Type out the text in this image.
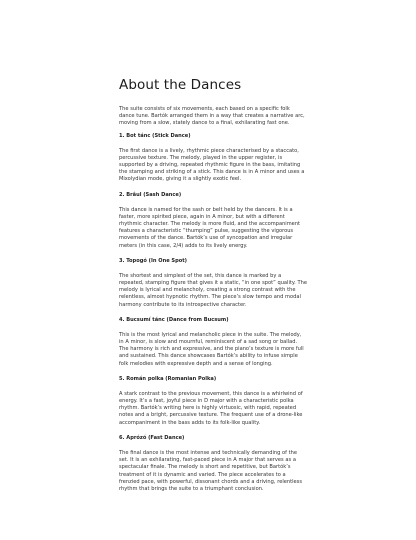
About the Dances

The suite consists of six movements, each based on a specific folk dance tune. Bartók arranged them in a way that creates a narrative arc, moving from a slow, stately dance to a final, exhilarating fast one.

1. Bot tánc (Stick Dance)

The first dance is a lively, rhythmic piece characterised by a staccato, percussive texture. The melody, played in the upper register, is supported by a driving, repeated rhythmic figure in the bass, imitating the stamping and striking of a stick. This dance is in A minor and uses a Mixolydian mode, giving it a slightly exotic feel.

2. Brâul (Sash Dance)

This dance is named for the sash or belt held by the dancers. It is a faster, more spirited piece, again in A minor, but with a different rhythmic character. The melody is more fluid, and the accompaniment features a characteristic “thumping” pulse, suggesting the vigorous movements of the dance. Bartók’s use of syncopation and irregular meters (in this case, 2/4) adds to its lively energy.

3. Topogó (In One Spot)

The shortest and simplest of the set, this dance is marked by a repeated, stamping figure that gives it a static, “in one spot” quality. The melody is lyrical and melancholy, creating a strong contrast with the relentless, almost hypnotic rhythm. The piece’s slow tempo and modal harmony contribute to its introspective character.

4. Bucsumí tánc (Dance from Bucsum)

This is the most lyrical and melancholic piece in the suite. The melody, in A minor, is slow and mournful, reminiscent of a sad song or ballad. The harmony is rich and expressive, and the piano’s texture is more full and sustained. This dance showcases Bartók’s ability to infuse simple folk melodies with expressive depth and a sense of longing.

5. Román polka (Romanian Polka)

A stark contrast to the previous movement, this dance is a whirlwind of energy. It’s a fast, joyful piece in D major with a characteristic polka rhythm. Bartók’s writing here is highly virtuosic, with rapid, repeated notes and a bright, percussive texture. The frequent use of a drone-like accompaniment in the bass adds to its folk-like quality.

6. Aprózó (Fast Dance)

The final dance is the most intense and technically demanding of the set. It is an exhilarating, fast-paced piece in A major that serves as a spectacular finale. The melody is short and repetitive, but Bartók’s treatment of it is dynamic and varied. The piece accelerates to a frenzied pace, with powerful, dissonant chords and a driving, relentless rhythm that brings the suite to a triumphant conclusion.
